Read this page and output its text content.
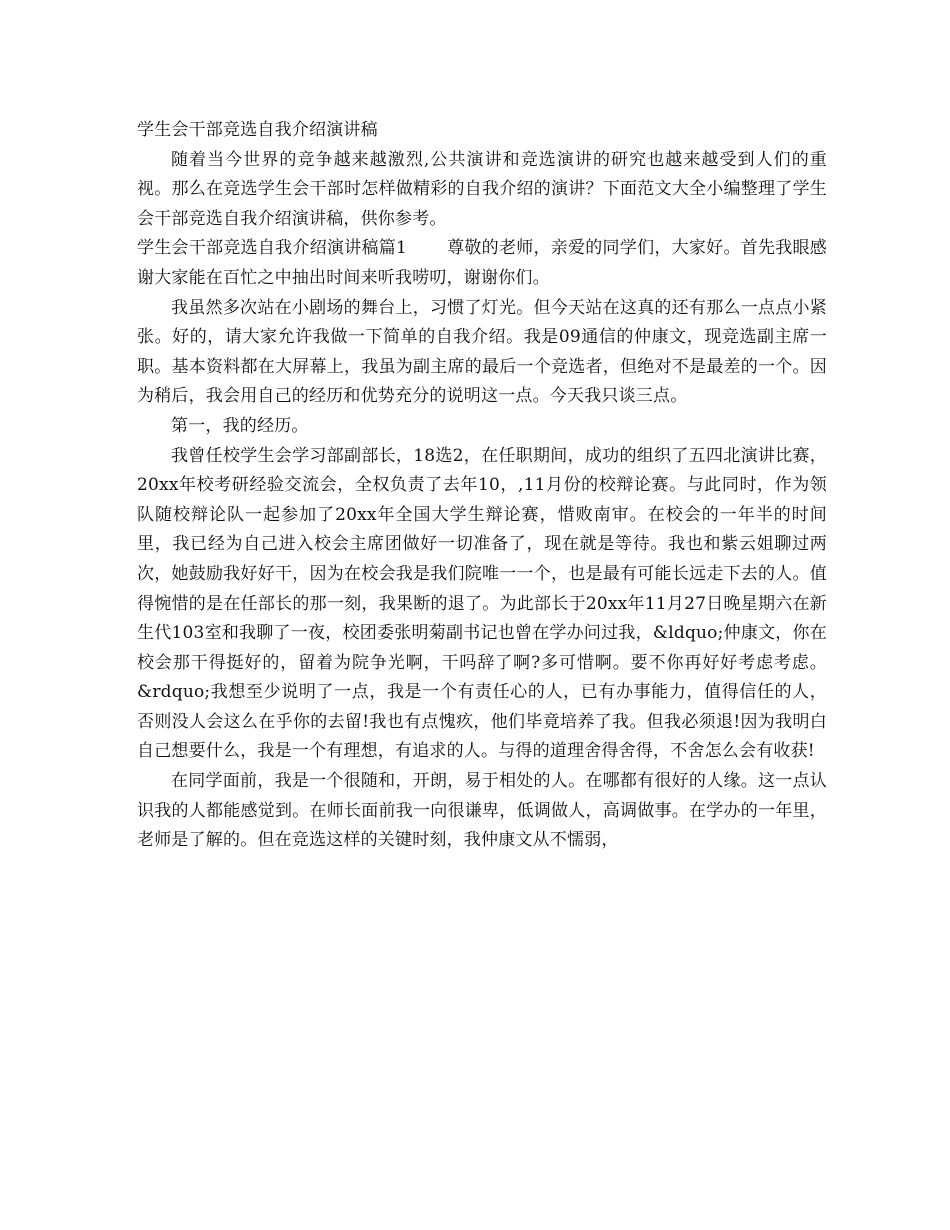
学生会干部竞选自我介绍演讲稿

随着当今世界的竞争越来越激烈,公共演讲和竞选演讲的研究也越来越受到人们的重视。那么在竞选学生会干部时怎样做精彩的自我介绍的演讲？下面范文大全小编整理了学生会干部竞选自我介绍演讲稿，供你参考。

学生会干部竞选自我介绍演讲稿篇1 尊敬的老师，亲爱的同学们，大家好。首先我眼感谢大家能在百忙之中抽出时间来听我唠叨，谢谢你们。

我虽然多次站在小剧场的舞台上，习惯了灯光。但今天站在这真的还有那么一点点小紧张。好的，请大家允许我做一下简单的自我介绍。我是09通信的仲康文，现竞选副主席一职。基本资料都在大屏幕上，我虽为副主席的最后一个竞选者，但绝对不是最差的一个。因为稍后，我会用自己的经历和优势充分的说明这一点。今天我只谈三点。

第一，我的经历。

我曾任校学生会学习部副部长，18选2，在任职期间，成功的组织了五四北演讲比赛，20xx年校考研经验交流会，全权负责了去年10，,11月份的校辩论赛。与此同时，作为领队随校辩论队一起参加了20xx年全国大学生辩论赛，惜败南审。在校会的一年半的时间里，我已经为自己进入校会主席团做好一切准备了，现在就是等待。我也和紫云姐聊过两次，她鼓励我好好干，因为在校会我是我们院唯一一个，也是最有可能长远走下去的人。值得惋惜的是在任部长的那一刻，我果断的退了。为此部长于20xx年11月27日晚星期六在新生代103室和我聊了一夜，校团委张明菊副书记也曾在学办问过我，&ldquo;仲康文，你在校会那干得挺好的，留着为院争光啊，干吗辞了啊?多可惜啊。要不你再好好考虑考虑。&rdquo;我想至少说明了一点，我是一个有责任心的人，已有办事能力，值得信任的人，否则没人会这么在乎你的去留!我也有点愧疚，他们毕竟培养了我。但我必须退!因为我明白自己想要什么，我是一个有理想，有追求的人。与得的道理舍得舍得，不舍怎么会有收获!

在同学面前，我是一个很随和，开朗，易于相处的人。在哪都有很好的人缘。这一点认识我的人都能感觉到。在师长面前我一向很谦卑，低调做人，高调做事。在学办的一年里，老师是了解的。但在竞选这样的关键时刻，我仲康文从不懦弱，
